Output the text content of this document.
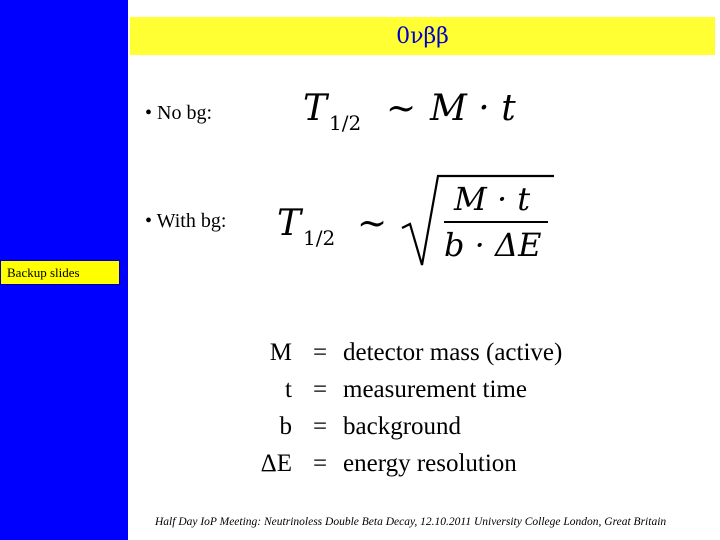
0νββ
• No bg:	T 1/2 ~ M · t
• With bg: T 1/2 ~
M · t
b · ΔE
Backup slides
M
t
b
ΔE
=
=
=
=
detector mass (active)
measurement time
background
energy resolution
Half Day IoP Meeting: Neutrinoless Double Beta Decay, 12.10.2011 University College London, Great Britain
